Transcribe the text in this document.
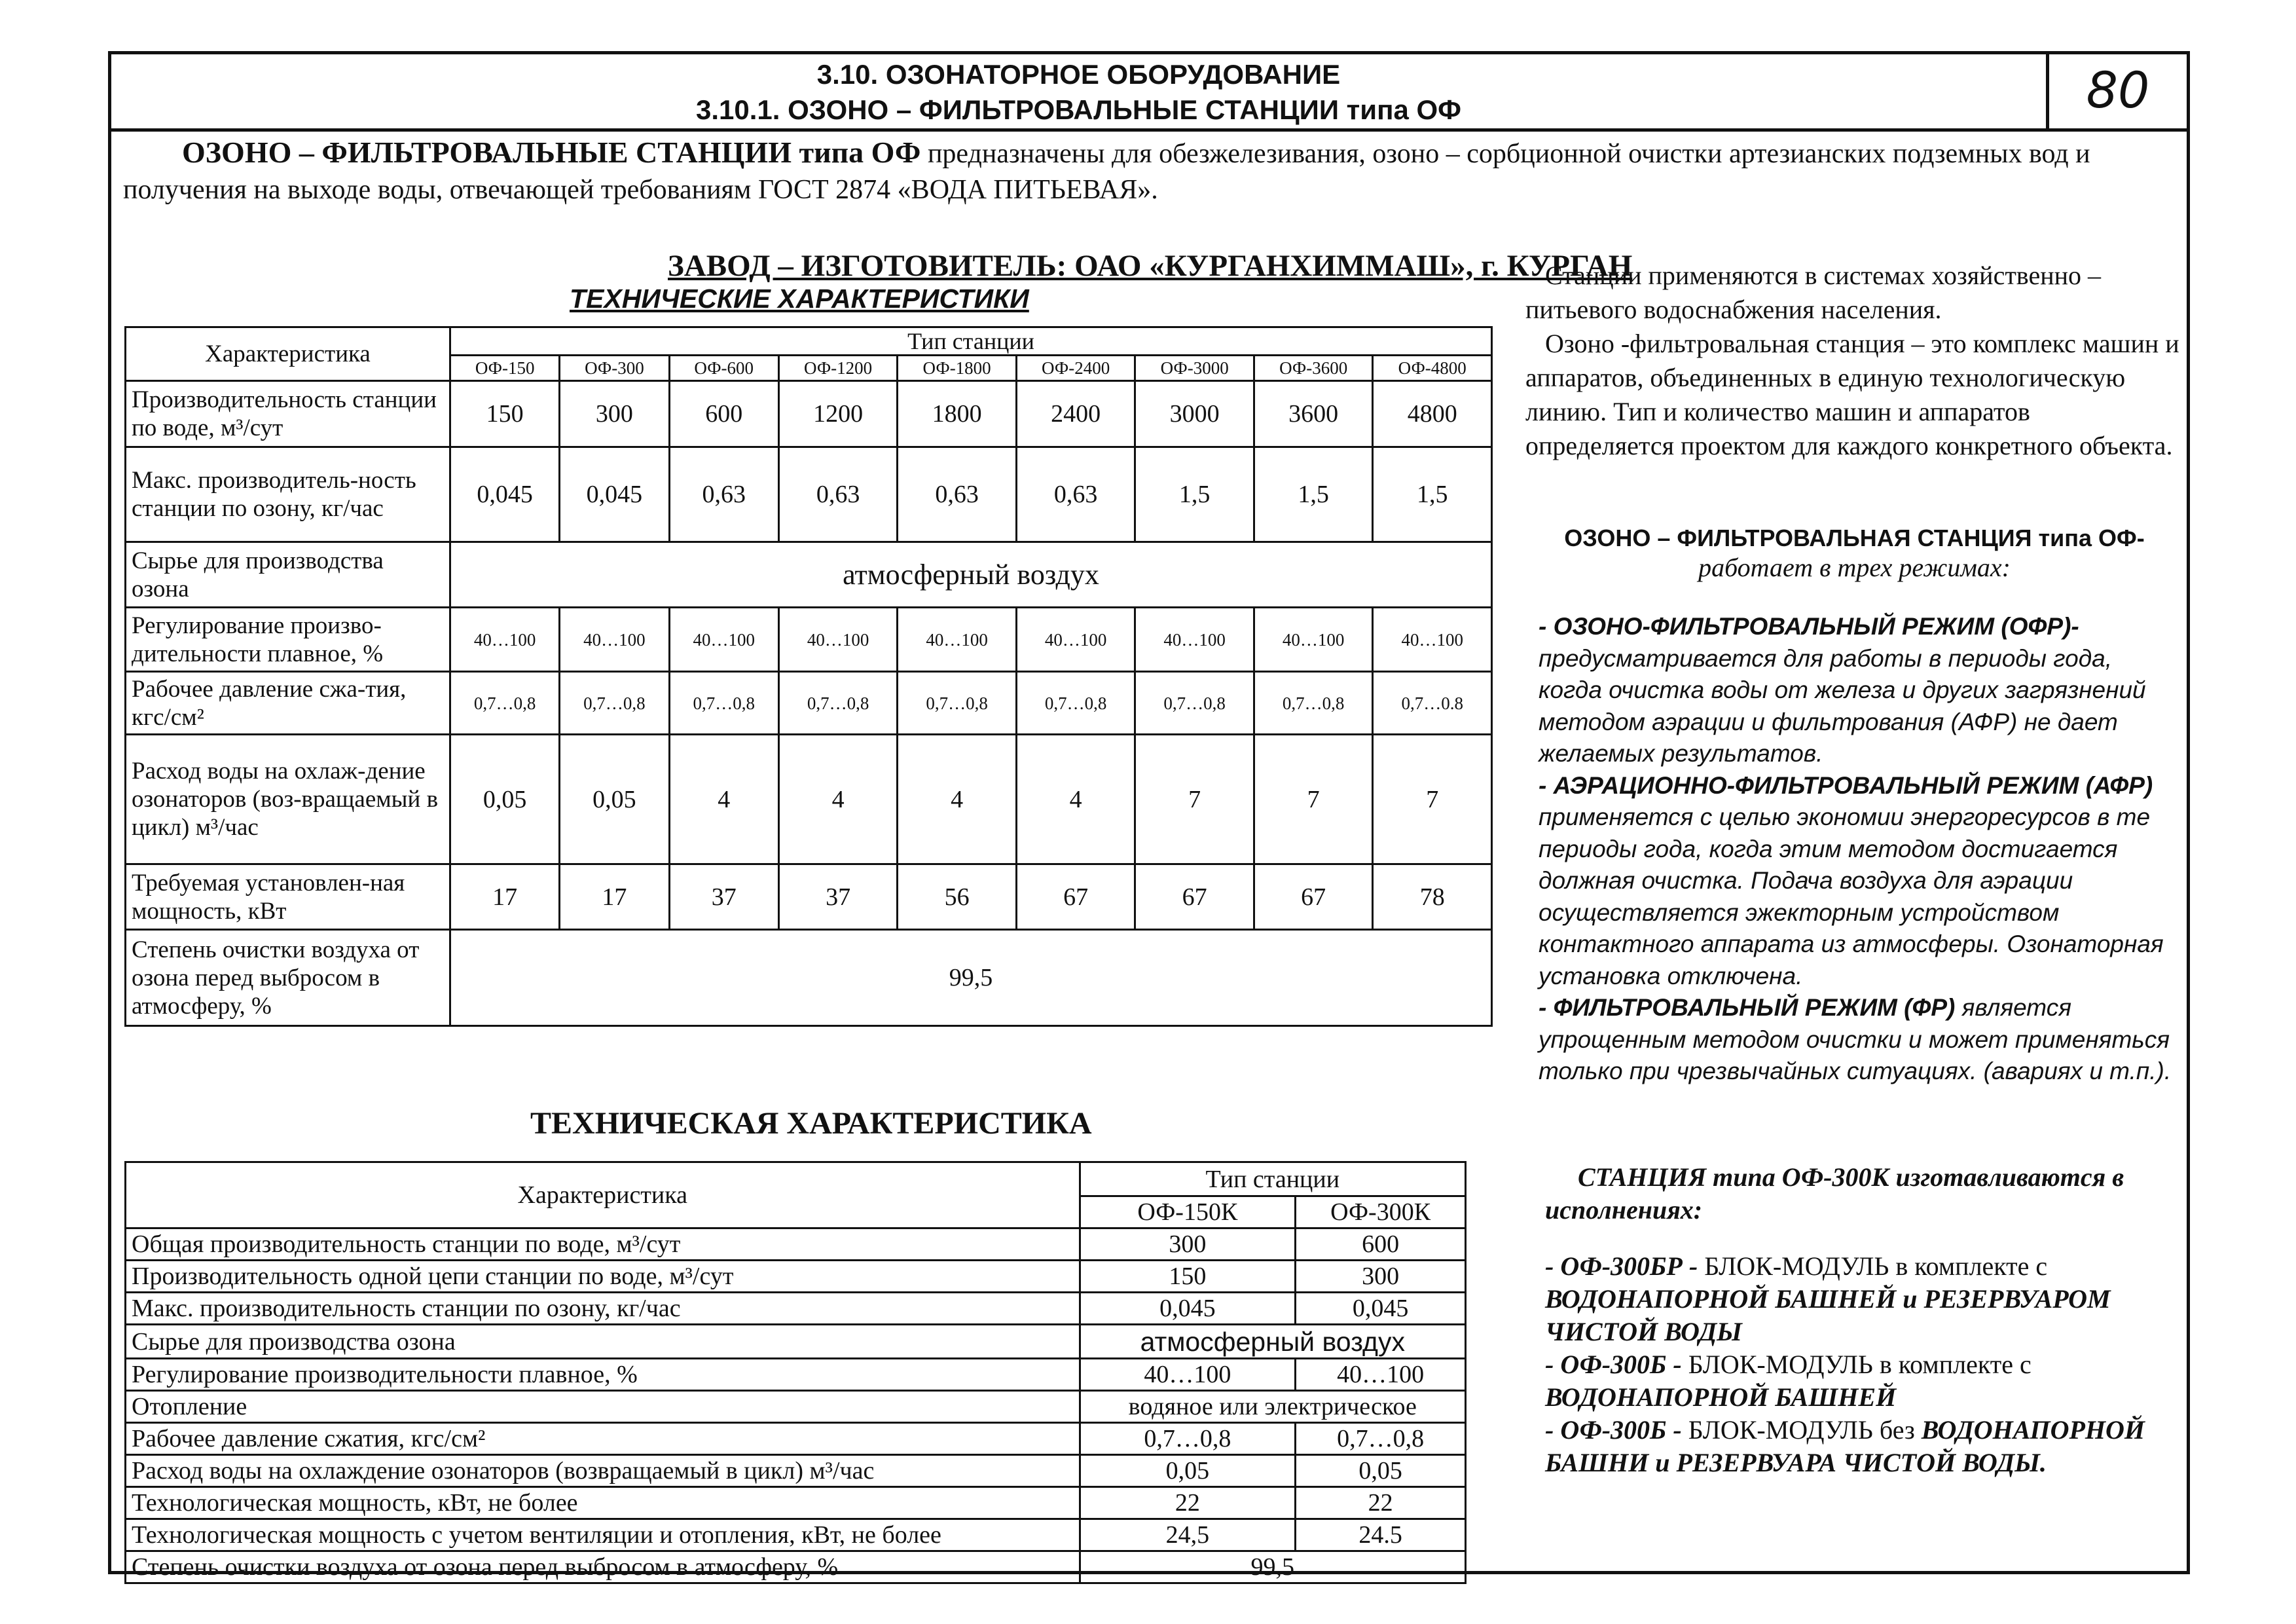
3.10. ОЗОНАТОРНОЕ ОБОРУДОВАНИЕ
3.10.1. ОЗОНО – ФИЛЬТРОВАЛЬНЫЕ СТАНЦИИ типа ОФ	80
ОЗОНО – ФИЛЬТРОВАЛЬНЫЕ СТАНЦИИ типа ОФ предназначены для обезжелезивания, озоно – сорбционной очистки артезианских подземных вод и получения на выходе воды, отвечающей требованиям ГОСТ 2874 «ВОДА ПИТЬЕВАЯ».
ЗАВОД – ИЗГОТОВИТЕЛЬ: ОАО «КУРГАНХИММАШ», г. КУРГАН
ТЕХНИЧЕСКИЕ ХАРАКТЕРИСТИКИ
Характеристика	Тип станции								
	ОФ-150	ОФ-300	ОФ-600	ОФ-1200	ОФ-1800	ОФ-2400	ОФ-3000	ОФ-3600	ОФ-4800
Производительность станции по воде, м³/сут	150	300	600	1200	1800	2400	3000	3600	4800
Макс. производитель-ность станции по озону, кг/час	0,045	0,045	0,63	0,63	0,63	0,63	1,5	1,5	1,5
Сырье для производства озона	атмосферный воздух								
Регулирование произво-дительности плавное, %	40…100	40…100	40…100	40…100	40…100	40…100	40…100	40…100	40…100
Рабочее давление сжа-тия, кгс/см²	0,7…0,8	0,7…0,8	0,7…0,8	0,7…0,8	0,7…0,8	0,7…0,8	0,7…0,8	0,7…0,8	0,7…0.8
Расход воды на охлаж-дение озонаторов (воз-вращаемый в цикл) м³/час	0,05	0,05	4	4	4	4	7	7	7
Требуемая установлен-ная мощность, кВт	17	17	37	37	56	67	67	67	78
Степень очистки воздуха от озона перед выбросом в атмосферу, %	99,5								
ТЕХНИЧЕСКАЯ ХАРАКТЕРИСТИКА
Характеристика	Тип станции	
	ОФ-150К	ОФ-300К
Общая производительность станции по воде, м³/сут	300	600
Производительность одной цепи станции по воде, м³/сут	150	300
Макс. производительность станции по озону, кг/час	0,045	0,045
Сырье для производства озона	атмосферный воздух	
Регулирование производительности плавное, %	40…100	40…100
Отопление	водяное или электрическое	
Рабочее давление сжатия, кгс/см²	0,7…0,8	0,7…0,8
Расход воды на охлаждение озонаторов (возвращаемый в цикл) м³/час	0,05	0,05
Технологическая мощность, кВт, не более	22	22
Технологическая мощность с учетом вентиляции и отопления, кВт, не более	24,5	24.5
Степень очистки воздуха от озона перед выбросом в атмосферу, %	99,5	

Станции применяются в системах хозяйственно – питьевого водоснабжения населения.

Озоно -фильтровальная станция – это комплекс машин и аппаратов, объединенных в единую технологическую линию. Тип и количество машин и аппаратов определяется проектом для каждого конкретного объекта.

ОЗОНО – ФИЛЬТРОВАЛЬНАЯ СТАНЦИЯ типа ОФ-
работает в трех режимах:
- ОЗОНО-ФИЛЬТРОВАЛЬНЫЙ РЕЖИМ (ОФР)- предусматривается для работы в периоды года, когда очистка воды от железа и других загрязнений методом аэрации и фильтрования (АФР) не дает желаемых результатов.
- АЭРАЦИОННО-ФИЛЬТРОВАЛЬНЫЙ РЕЖИМ (АФР) применяется с целью экономии энергоресурсов в те периоды года, когда этим методом достигается должная очистка. Подача воздуха для аэрации осуществляется эжекторным устройством контактного аппарата из атмосферы. Озонаторная установка отключена.
- ФИЛЬТРОВАЛЬНЫЙ РЕЖИМ (ФР) является упрощенным методом очистки и может применяться только при чрезвычайных ситуациях. (авариях и т.п.).
СТАНЦИЯ типа ОФ-300К изготавливаются в исполнениях:
- ОФ-300БР - БЛОК-МОДУЛЬ в комплекте с ВОДОНАПОРНОЙ БАШНЕЙ и РЕЗЕРВУАРОМ ЧИСТОЙ ВОДЫ
- ОФ-300Б - БЛОК-МОДУЛЬ в комплекте с ВОДОНАПОРНОЙ БАШНЕЙ
- ОФ-300Б - БЛОК-МОДУЛЬ без ВОДОНАПОРНОЙ БАШНИ и РЕЗЕРВУАРА ЧИСТОЙ ВОДЫ.
